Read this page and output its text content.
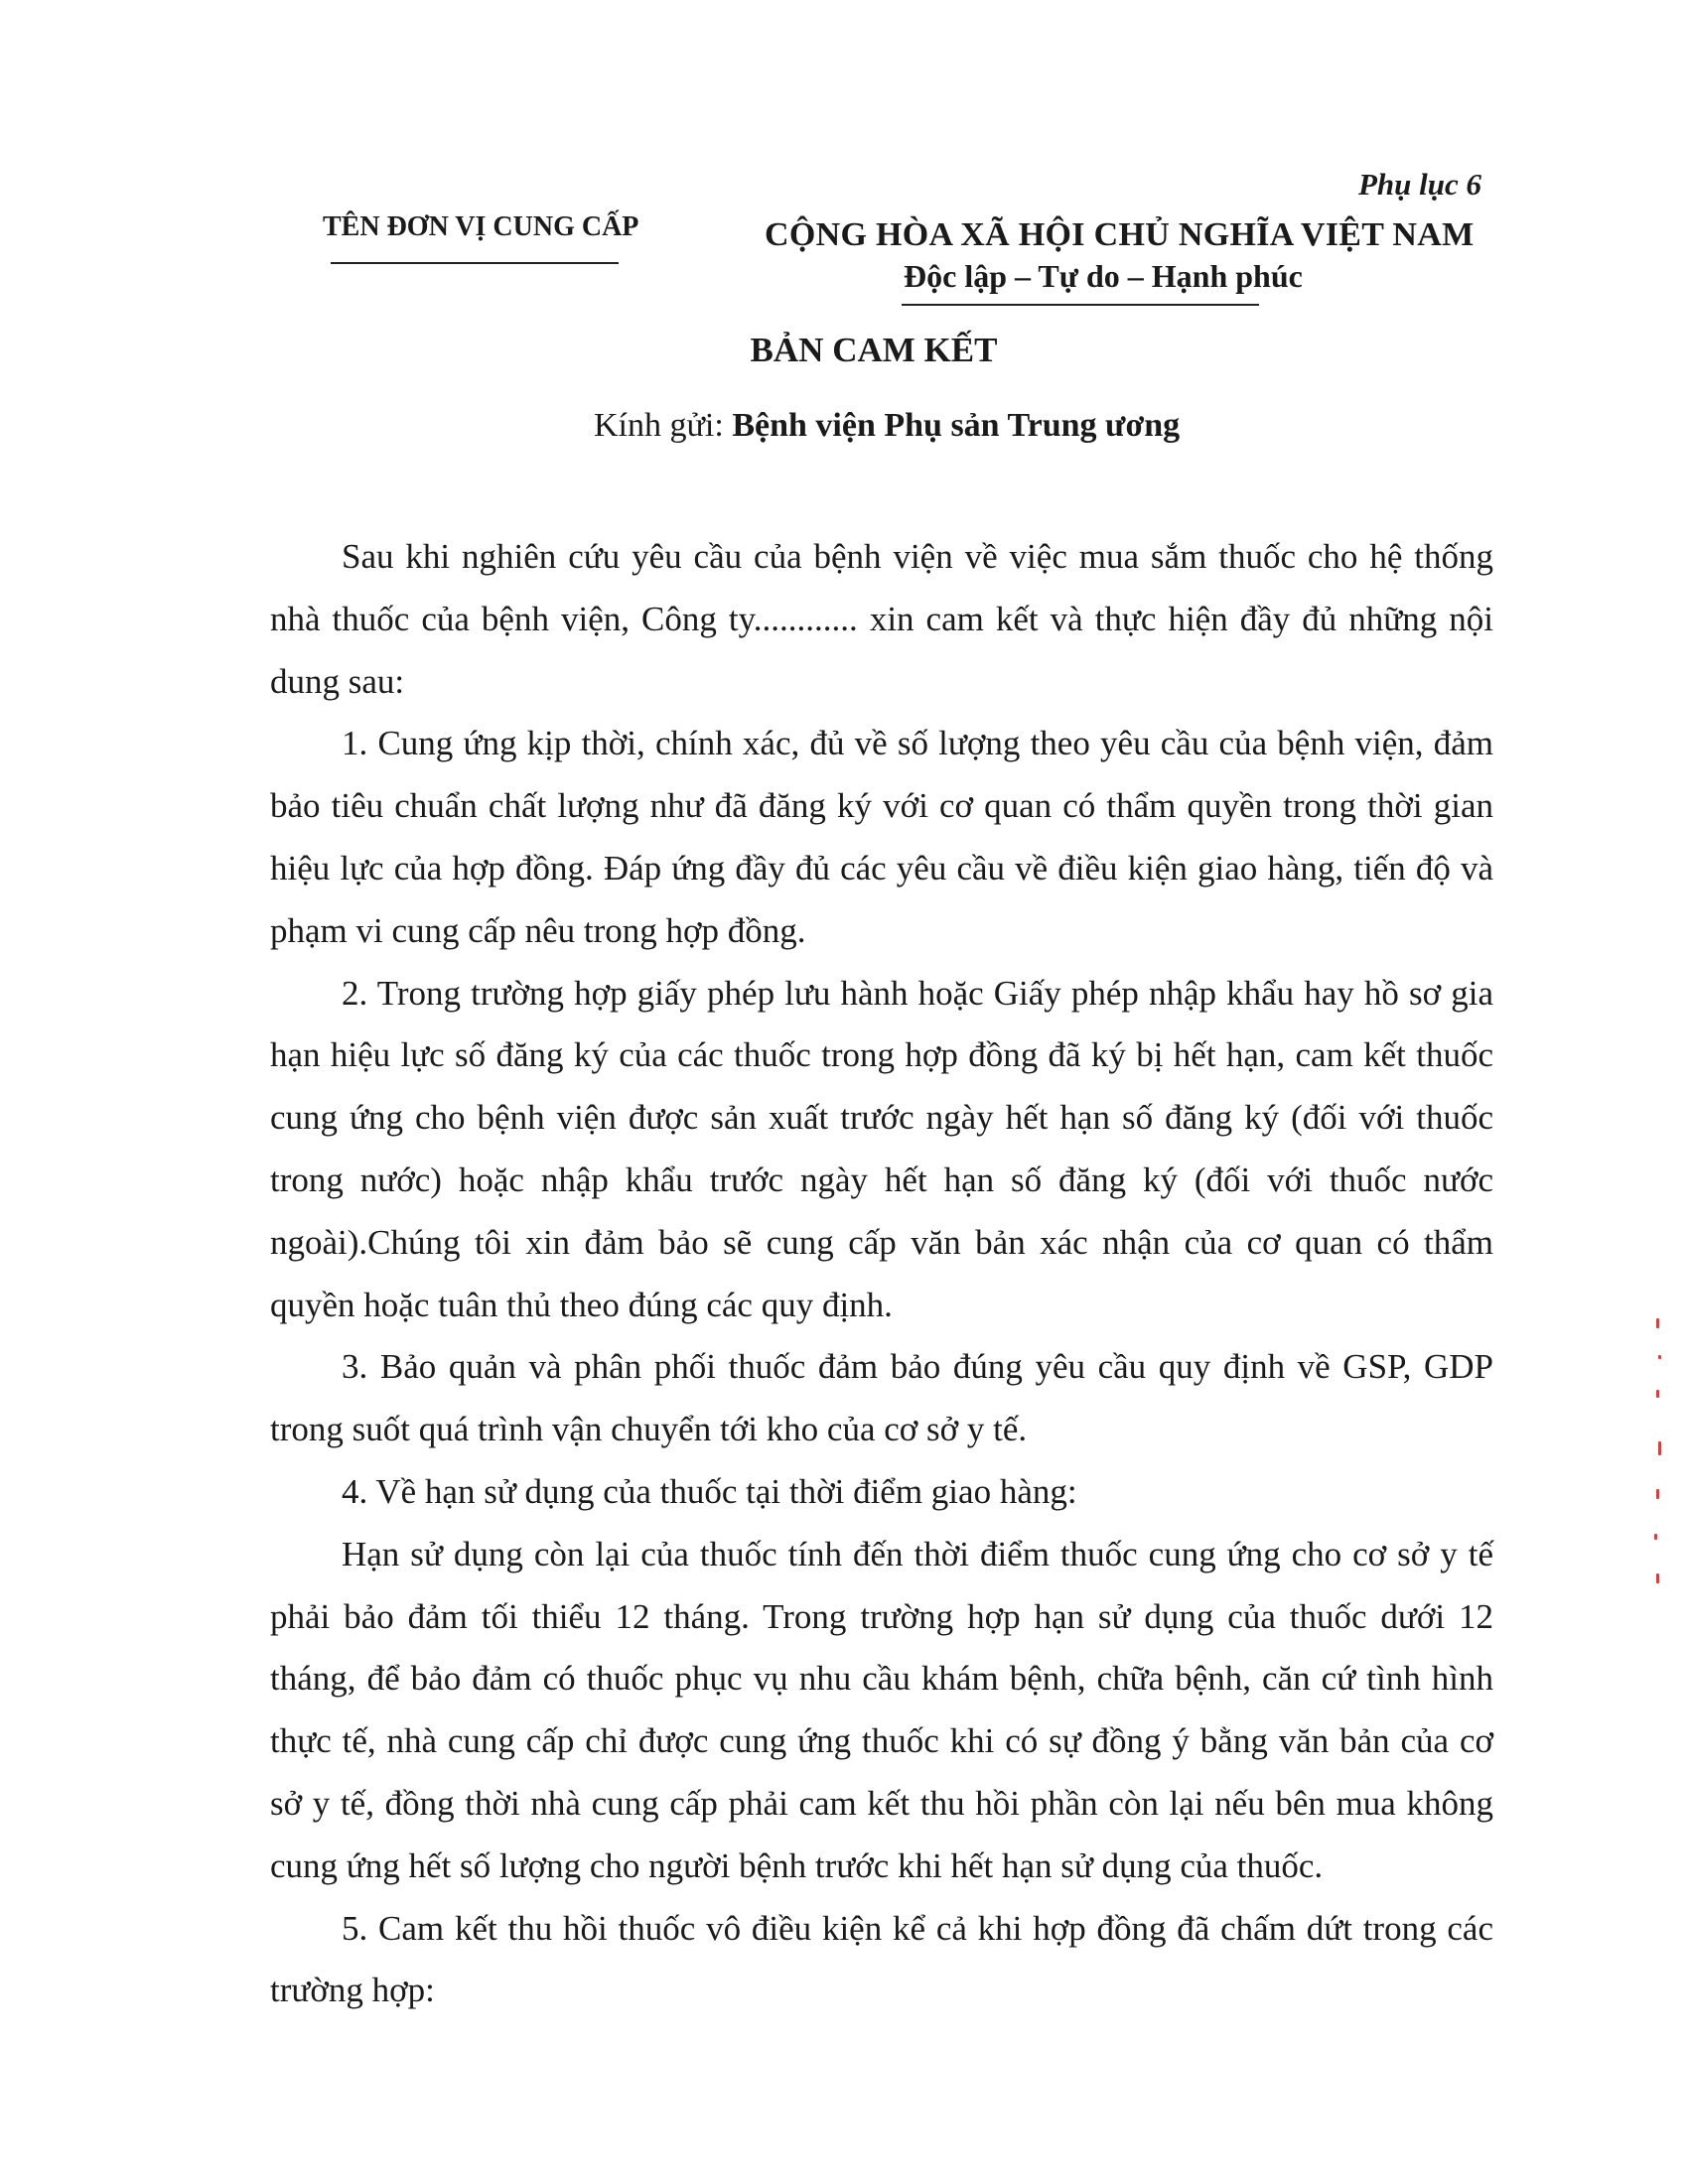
Phụ lục 6
TÊN ĐƠN VỊ CUNG CẤP	CỘNG HÒA XÃ HỘI CHỦ NGHĨA VIỆT NAM
Độc lập – Tự do – Hạnh phúc
BẢN CAM KẾT
Kính gửi: Bệnh viện Phụ sản Trung ương

Sau khi nghiên cứu yêu cầu của bệnh viện về việc mua sắm thuốc cho hệ thống nhà thuốc của bệnh viện, Công ty............ xin cam kết và thực hiện đầy đủ những nội dung sau:

1. Cung ứng kịp thời, chính xác, đủ về số lượng theo yêu cầu của bệnh viện, đảm bảo tiêu chuẩn chất lượng như đã đăng ký với cơ quan có thẩm quyền trong thời gian hiệu lực của hợp đồng. Đáp ứng đầy đủ các yêu cầu về điều kiện giao hàng, tiến độ và phạm vi cung cấp nêu trong hợp đồng.

2. Trong trường hợp giấy phép lưu hành hoặc Giấy phép nhập khẩu hay hồ sơ gia hạn hiệu lực số đăng ký của các thuốc trong hợp đồng đã ký bị hết hạn, cam kết thuốc cung ứng cho bệnh viện được sản xuất trước ngày hết hạn số đăng ký (đối với thuốc trong nước) hoặc nhập khẩu trước ngày hết hạn số đăng ký (đối với thuốc nước ngoài).Chúng tôi xin đảm bảo sẽ cung cấp văn bản xác nhận của cơ quan có thẩm quyền hoặc tuân thủ theo đúng các quy định.

3. Bảo quản và phân phối thuốc đảm bảo đúng yêu cầu quy định về GSP, GDP trong suốt quá trình vận chuyển tới kho của cơ sở y tế.

4. Về hạn sử dụng của thuốc tại thời điểm giao hàng:

Hạn sử dụng còn lại của thuốc tính đến thời điểm thuốc cung ứng cho cơ sở y tế phải bảo đảm tối thiểu 12 tháng. Trong trường hợp hạn sử dụng của thuốc dưới 12 tháng, để bảo đảm có thuốc phục vụ nhu cầu khám bệnh, chữa bệnh, căn cứ tình hình thực tế, nhà cung cấp chỉ được cung ứng thuốc khi có sự đồng ý bằng văn bản của cơ sở y tế, đồng thời nhà cung cấp phải cam kết thu hồi phần còn lại nếu bên mua không cung ứng hết số lượng cho người bệnh trước khi hết hạn sử dụng của thuốc.

5. Cam kết thu hồi thuốc vô điều kiện kể cả khi hợp đồng đã chấm dứt trong các trường hợp:
